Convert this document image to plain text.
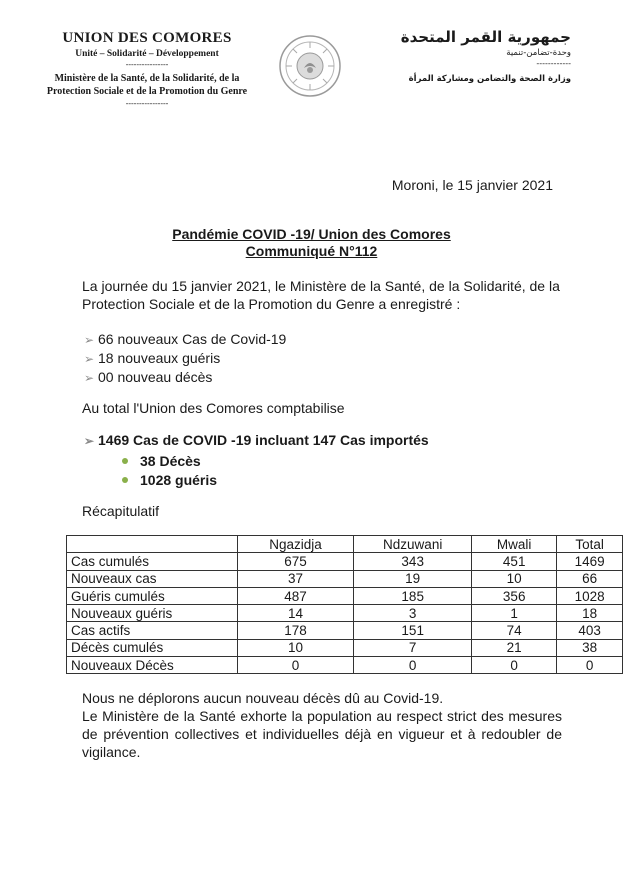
UNION DES COMORES
Unité – Solidarité – Développement
----------------
Ministère de la Santé, de la Solidarité, de la
Protection Sociale et de la Promotion du Genre
----------------
جمهورية القمر المتحدة
وحدة-تضامن-تنمية
------------
وزارة الصحة والتضامن ومشاركة المرأة
Moroni, le 15 janvier 2021
Pandémie COVID -19/ Union des Comores
Communiqué N°112

La journée du 15 janvier 2021, le Ministère de la Santé, de la Solidarité, de la Protection Sociale et de la Promotion du Genre a enregistré :

➢ 66 nouveaux Cas de Covid-19
➢ 18 nouveaux guéris
➢ 00 nouveau décès
Au total l'Union des Comores comptabilise
➢ 1469 Cas de COVID -19 incluant 147 Cas importés
38 Décès
1028 guéris
Récapitulatif
	Ngazidja	Ndzuwani	Mwali	Total
Cas cumulés	675	343	451	1469
Nouveaux cas	37	19	10	66
Guéris cumulés	487	185	356	1028
Nouveaux guéris	14	3	1	18
Cas actifs	178	151	74	403
Décès cumulés	10	7	21	38
Nouveaux Décès	0	0	0	0

Nous ne déplorons aucun nouveau décès dû au Covid-19.

Le Ministère de la Santé exhorte la population au respect strict des mesures de prévention collectives et individuelles déjà en vigueur et à redoubler de vigilance.
